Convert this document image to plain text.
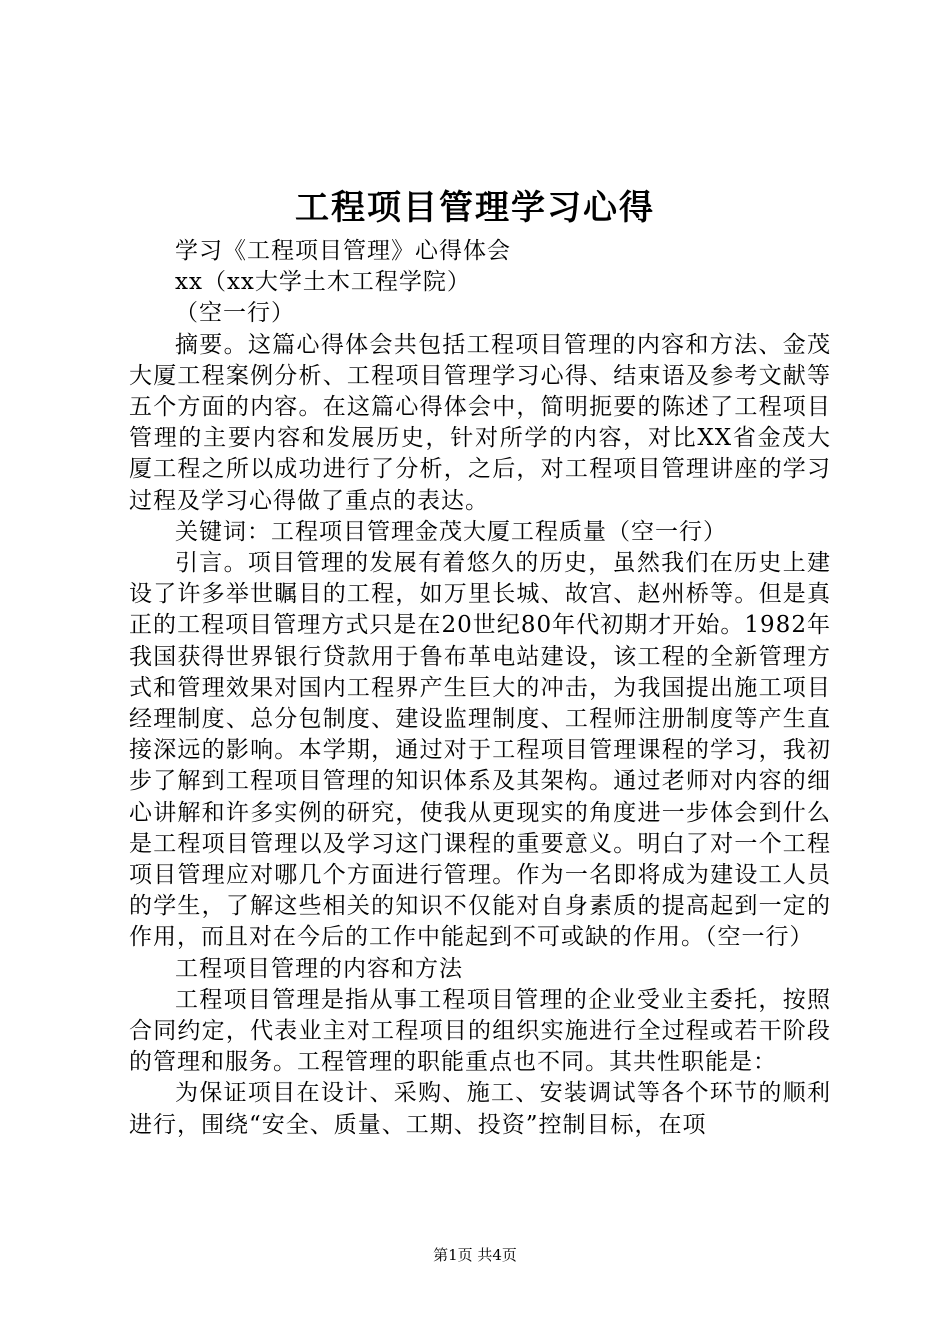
工程项目管理学习心得

学习《工程项目管理》心得体会

xx（xx大学土木工程学院）

（空一行）

摘要。这篇心得体会共包括工程项目管理的内容和方法、金茂大厦工程案例分析、工程项目管理学习心得、结束语及参考文献等五个方面的内容。在这篇心得体会中，简明扼要的陈述了工程项目管理的主要内容和发展历史，针对所学的内容，对比XX省金茂大厦工程之所以成功进行了分析，之后，对工程项目管理讲座的学习过程及学习心得做了重点的表达。

关键词：工程项目管理金茂大厦工程质量（空一行）

引言。项目管理的发展有着悠久的历史，虽然我们在历史上建设了许多举世瞩目的工程，如万里长城、故宫、赵州桥等。但是真正的工程项目管理方式只是在20世纪80年代初期才开始。1982年我国获得世界银行贷款用于鲁布革电站建设，该工程的全新管理方式和管理效果对国内工程界产生巨大的冲击，为我国提出施工项目经理制度、总分包制度、建设监理制度、工程师注册制度等产生直接深远的影响。本学期，通过对于工程项目管理课程的学习，我初步了解到工程项目管理的知识体系及其架构。通过老师对内容的细心讲解和许多实例的研究，使我从更现实的角度进一步体会到什么是工程项目管理以及学习这门课程的重要意义。明白了对一个工程项目管理应对哪几个方面进行管理。作为一名即将成为建设工人员的学生，了解这些相关的知识不仅能对自身素质的提高起到一定的作用，而且对在今后的工作中能起到不可或缺的作用。（空一行）

工程项目管理的内容和方法

工程项目管理是指从事工程项目管理的企业受业主委托，按照合同约定，代表业主对工程项目的组织实施进行全过程或若干阶段的管理和服务。工程管理的职能重点也不同。其共性职能是：

为保证项目在设计、采购、施工、安装调试等各个环节的顺利进行，围绕“安全、质量、工期、投资”控制目标，在项

第1页 共4页
